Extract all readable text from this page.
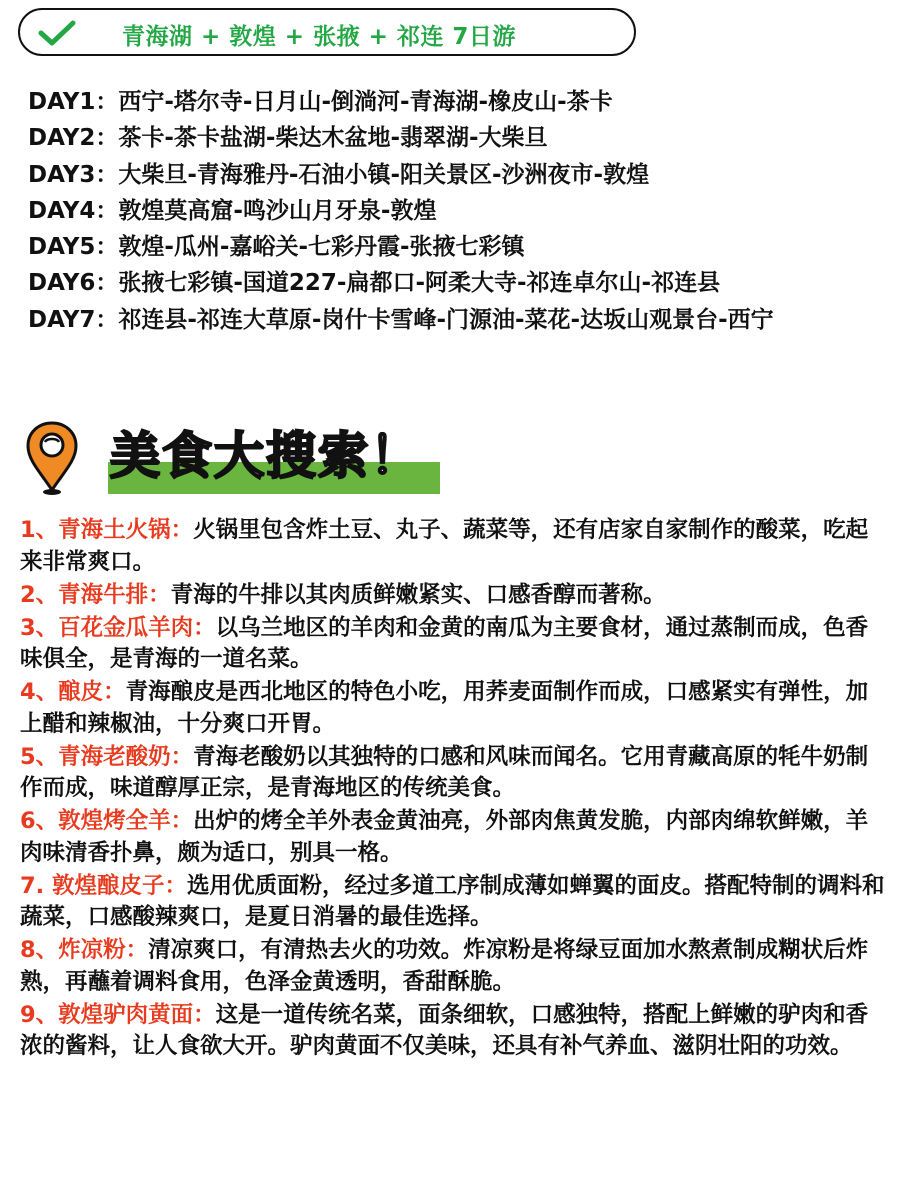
青海湖 + 敦煌 + 张掖 + 祁连 7日游
DAY1：西宁-塔尔寺-日月山-倒淌河-青海湖-橡皮山-茶卡
DAY2：茶卡-茶卡盐湖-柴达木盆地-翡翠湖-大柴旦
DAY3：大柴旦-青海雅丹-石油小镇-阳关景区-沙洲夜市-敦煌
DAY4：敦煌莫高窟-鸣沙山月牙泉-敦煌
DAY5：敦煌-瓜州-嘉峪关-七彩丹霞-张掖七彩镇
DAY6：张掖七彩镇-国道227-扁都口-阿柔大寺-祁连卓尔山-祁连县
DAY7：祁连县-祁连大草原-岗什卡雪峰-门源油-菜花-达坂山观景台-西宁
美食大搜索！
1、青海土火锅：火锅里包含炸土豆、丸子、蔬菜等，还有店家自家制作的酸菜，吃起来非常爽口。
2、青海牛排：青海的牛排以其肉质鲜嫩紧实、口感香醇而著称。
3、百花金瓜羊肉：以乌兰地区的羊肉和金黄的南瓜为主要食材，通过蒸制而成，色香味俱全，是青海的一道名菜。
4、酿皮：青海酿皮是西北地区的特色小吃，用荞麦面制作而成，口感紧实有弹性，加上醋和辣椒油，十分爽口开胃。
5、青海老酸奶：青海老酸奶以其独特的口感和风味而闻名。它用青藏高原的牦牛奶制作而成，味道醇厚正宗，是青海地区的传统美食。
6、敦煌烤全羊：出炉的烤全羊外表金黄油亮，外部肉焦黄发脆，内部肉绵软鲜嫩，羊肉味清香扑鼻，颇为适口，别具一格。
7. 敦煌酿皮子：选用优质面粉，经过多道工序制成薄如蝉翼的面皮。搭配特制的调料和蔬菜，口感酸辣爽口，是夏日消暑的最佳选择。
8、炸凉粉：清凉爽口，有清热去火的功效。炸凉粉是将绿豆面加水熬煮制成糊状后炸熟，再蘸着调料食用，色泽金黄透明，香甜酥脆。
9、敦煌驴肉黄面：这是一道传统名菜，面条细软，口感独特，搭配上鲜嫩的驴肉和香浓的酱料，让人食欲大开。驴肉黄面不仅美味，还具有补气养血、滋阴壮阳的功效。
